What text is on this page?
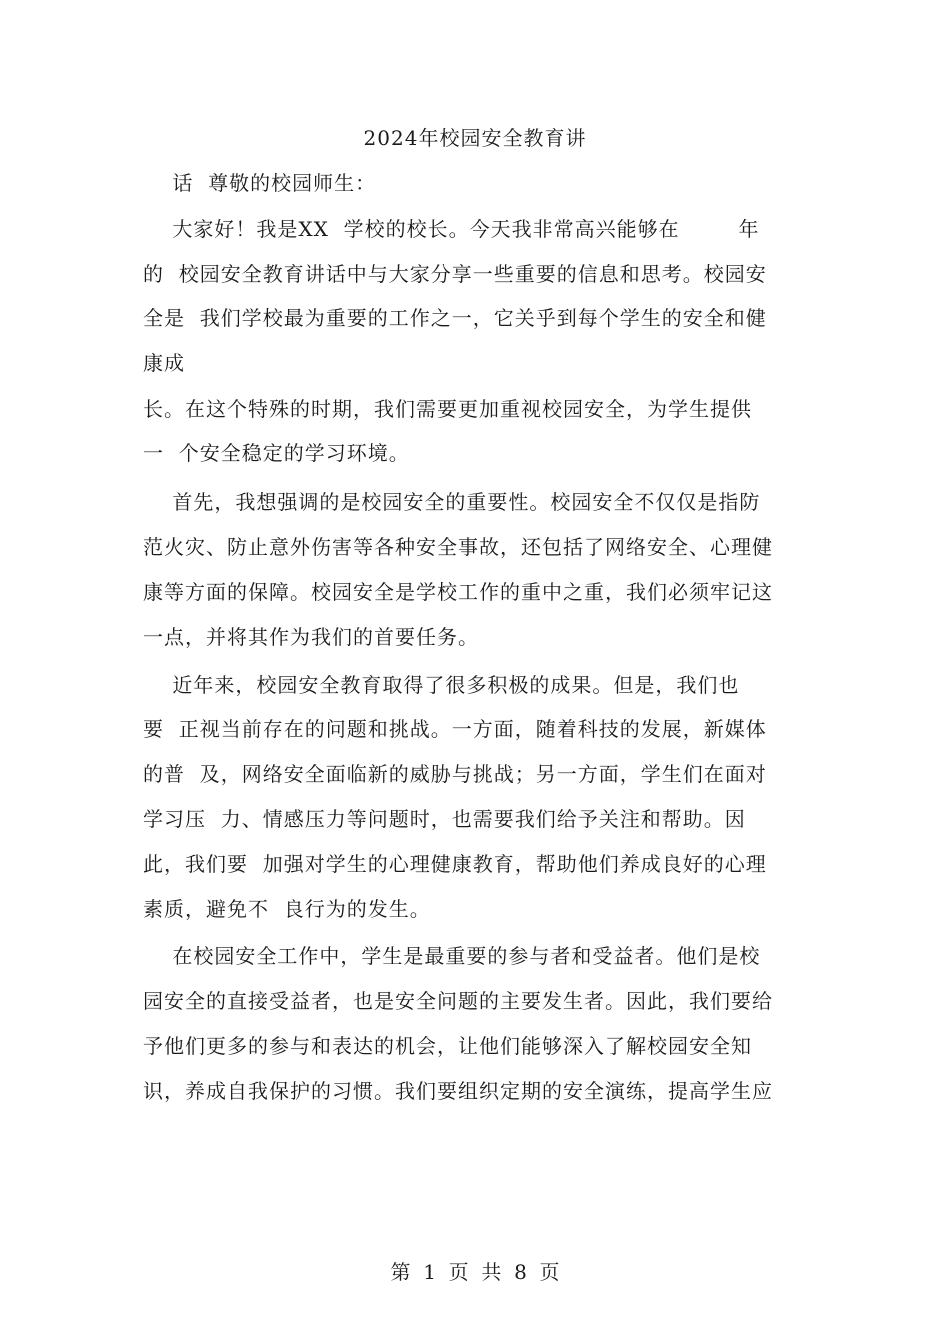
2024年校园安全教育讲
话  尊敬的校园师生：
大家好！我是XX  学校的校长。今天我非常高兴能够在        年
的  校园安全教育讲话中与大家分享一些重要的信息和思考。校园安
全是  我们学校最为重要的工作之一，它关乎到每个学生的安全和健
康成
长。在这个特殊的时期，我们需要更加重视校园安全，为学生提供
一  个安全稳定的学习环境。
首先，我想强调的是校园安全的重要性。校园安全不仅仅是指防
范火灾、防止意外伤害等各种安全事故，还包括了网络安全、心理健
康等方面的保障。校园安全是学校工作的重中之重，我们必须牢记这
一点，并将其作为我们的首要任务。
近年来，校园安全教育取得了很多积极的成果。但是，我们也
要  正视当前存在的问题和挑战。一方面，随着科技的发展，新媒体
的普  及，网络安全面临新的威胁与挑战；另一方面，学生们在面对
学习压  力、情感压力等问题时，也需要我们给予关注和帮助。因
此，我们要  加强对学生的心理健康教育，帮助他们养成良好的心理
素质，避免不  良行为的发生。
在校园安全工作中，学生是最重要的参与者和受益者。他们是校
园安全的直接受益者，也是安全问题的主要发生者。因此，我们要给
予他们更多的参与和表达的机会，让他们能够深入了解校园安全知
识，养成自我保护的习惯。我们要组织定期的安全演练，提高学生应
第  1  页  共  8  页
